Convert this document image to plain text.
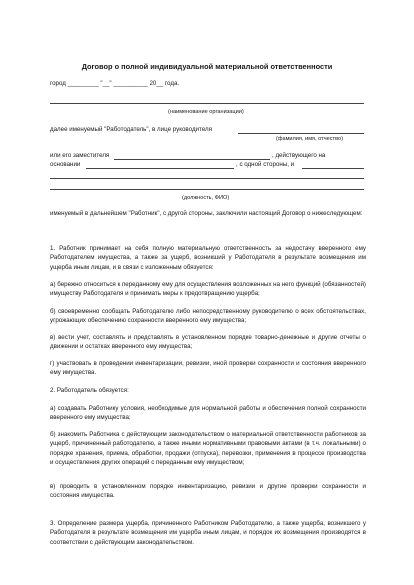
Договор о полной индивидуальной материальной ответственности
город _________ "__" __________ 20__ года.
(наименование организации)
далее именуемый "Работодатель", в лице руководителя
(фамилия, имя, отчество)
или его заместителя	, действующего на
основании	, с одной стороны, и
(должность, ФИО)
именуемый в дальнейшем "Работник", с другой стороны, заключили настоящий Договор о нижеследующем:
1. Работник принимает на себя полную материальную ответственность за недостачу вверенного ему Работодателем имущества, а также за ущерб, возникший у Работодателя в результате возмещения им ущерба иным лицам, и в связи с изложенным обязуется:
а) бережно относиться к переданному ему для осуществления возложенных на него функций (обязанностей) имуществу Работодателя и принимать меры к предотвращению ущерба;
б) своевременно сообщать Работодателю либо непосредственному руководителю о всех обстоятельствах, угрожающих обеспечению сохранности вверенного ему имущества;
в) вести учет, составлять и представлять в установленном порядке товарно-денежные и другие отчеты о движении и остатках вверенного ему имущества;
г) участвовать в проведении инвентаризации, ревизии, иной проверки сохранности и состояния вверенного ему имущества.
2. Работодатель обязуется:
а) создавать Работнику условия, необходимые для нормальной работы и обеспечения полной сохранности вверенного ему имущества;
б) знакомить Работника с действующим законодательством о материальной ответственности работников за ущерб, причиненный работодателю, а также иными нормативными правовыми актами (в т.ч. локальными) о порядке хранения, приема, обработки, продажи (отпуска), перевозки, применения в процессе производства и осуществления других операций с переданным ему имуществом;
в) проводить в установленном порядке инвентаризацию, ревизии и другие проверки сохранности и состояния имущества.
3. Определение размера ущерба, причиненного Работником Работодателю, а также ущерба, возникшего у Работодателя в результате возмещения им ущерба иным лицам, и порядок их возмещения производятся в соответствии с действующим законодательством.
